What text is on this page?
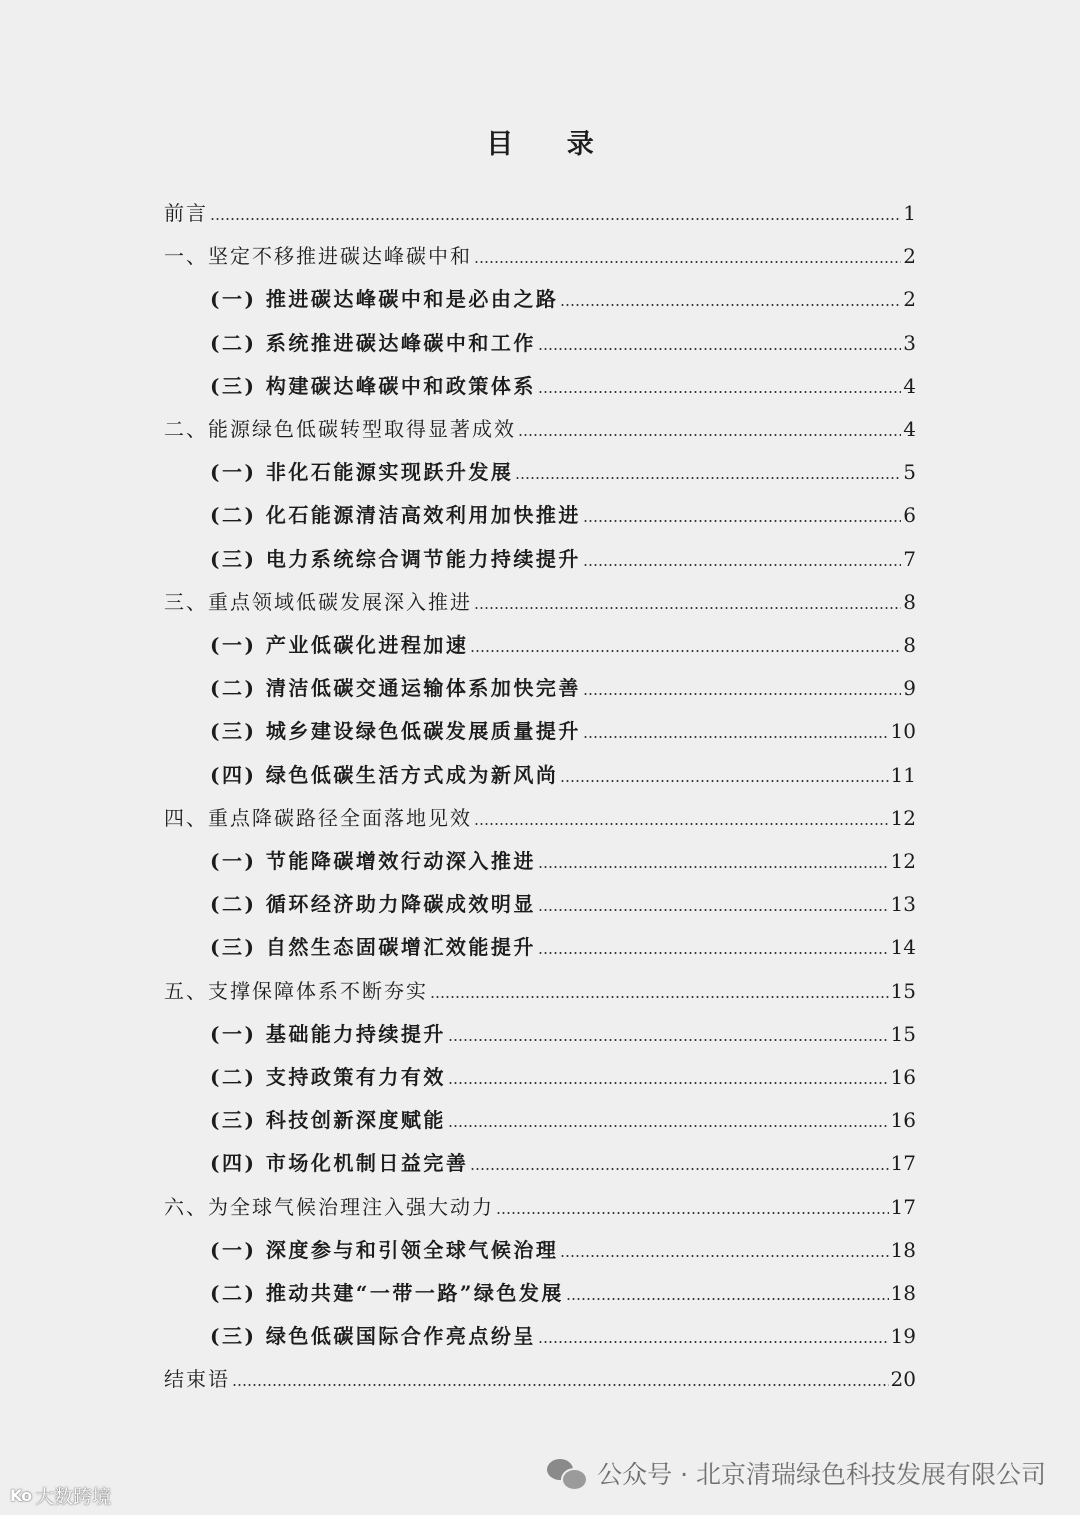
目 录
前言	1
一、坚定不移推进碳达峰碳中和	2
(一) 推进碳达峰碳中和是必由之路	2
(二) 系统推进碳达峰碳中和工作	3
(三) 构建碳达峰碳中和政策体系	4
二、能源绿色低碳转型取得显著成效	4
(一) 非化石能源实现跃升发展	5
(二) 化石能源清洁高效利用加快推进	6
(三) 电力系统综合调节能力持续提升	7
三、重点领域低碳发展深入推进	8
(一) 产业低碳化进程加速	8
(二) 清洁低碳交通运输体系加快完善	9
(三) 城乡建设绿色低碳发展质量提升	10
(四) 绿色低碳生活方式成为新风尚	11
四、重点降碳路径全面落地见效	12
(一) 节能降碳增效行动深入推进	12
(二) 循环经济助力降碳成效明显	13
(三) 自然生态固碳增汇效能提升	14
五、支撑保障体系不断夯实	15
(一) 基础能力持续提升	15
(二) 支持政策有力有效	16
(三) 科技创新深度赋能	16
(四) 市场化机制日益完善	17
六、为全球气候治理注入强大动力	17
(一) 深度参与和引领全球气候治理	18
(二) 推动共建“一带一路”绿色发展	18
(三) 绿色低碳国际合作亮点纷呈	19
结束语	20
Ko 大数跨境
公众号 · 北京清瑞绿色科技发展有限公司
